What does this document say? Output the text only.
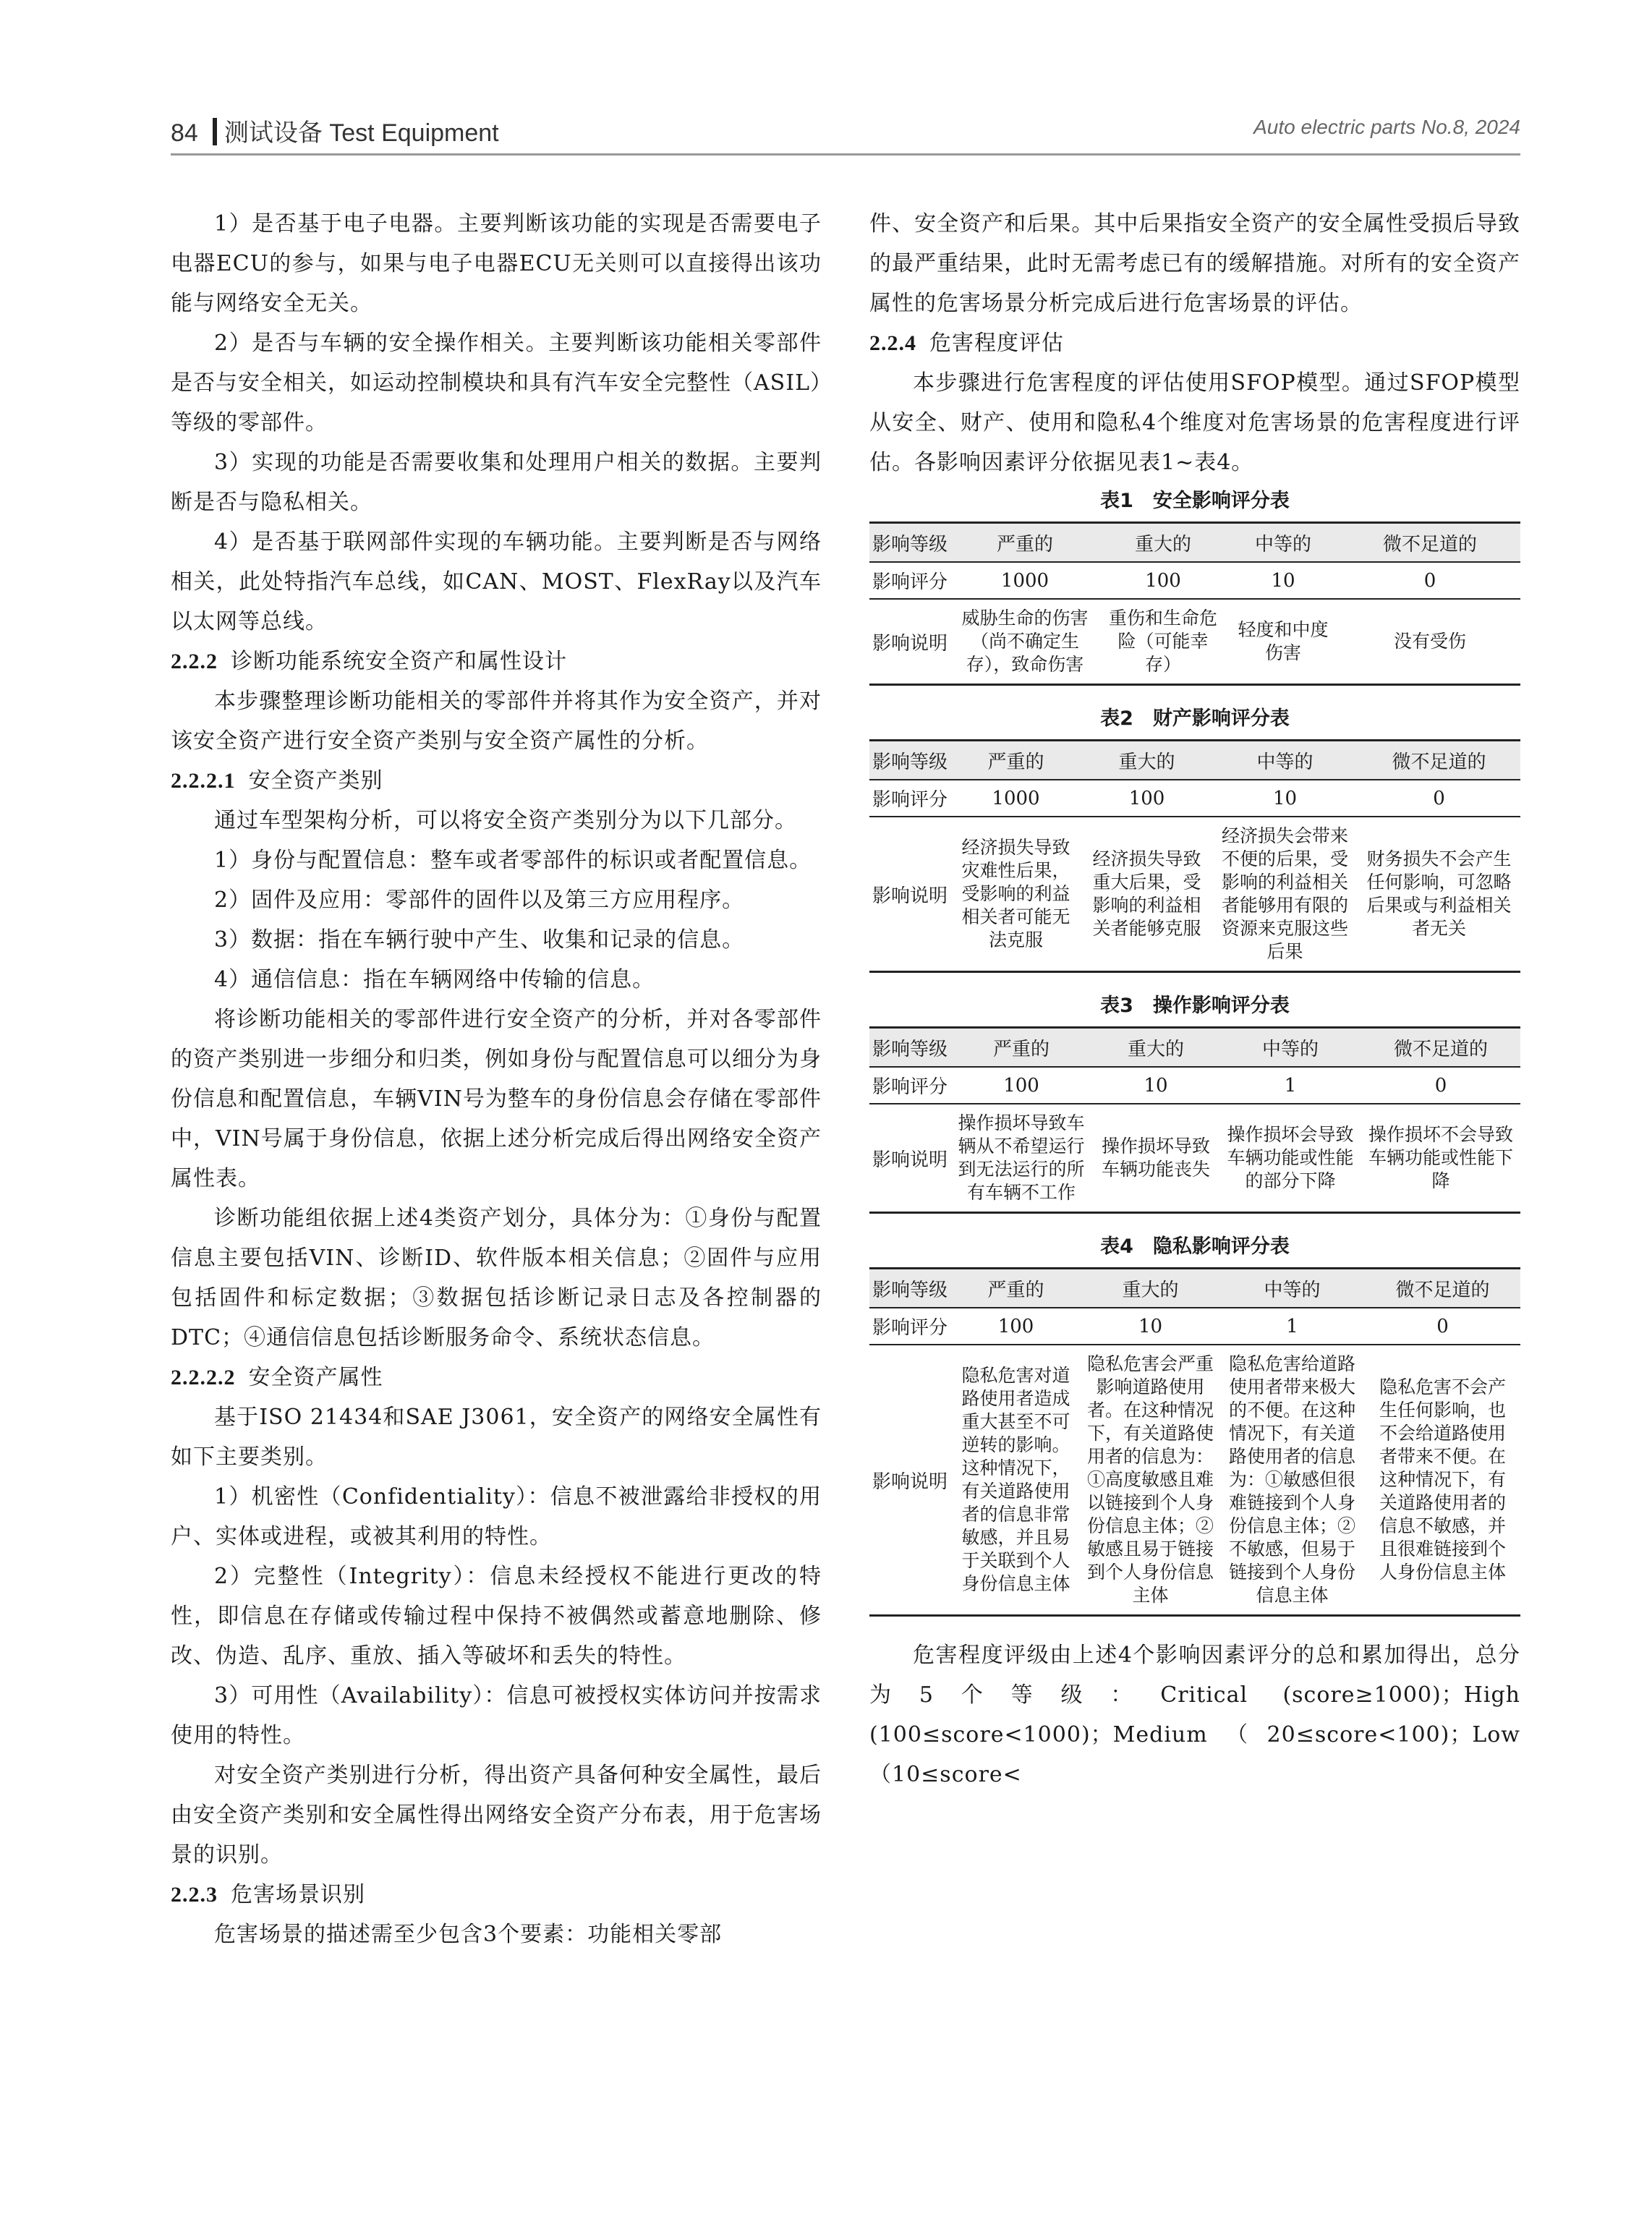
84 测试设备 Test Equipment	Auto electric parts No.8, 2024

1）是否基于电子电器。主要判断该功能的实现是否需要电子电器ECU的参与，如果与电子电器ECU无关则可以直接得出该功能与网络安全无关。

2）是否与车辆的安全操作相关。主要判断该功能相关零部件是否与安全相关，如运动控制模块和具有汽车安全完整性（ASIL）等级的零部件。

3）实现的功能是否需要收集和处理用户相关的数据。主要判断是否与隐私相关。

4）是否基于联网部件实现的车辆功能。主要判断是否与网络相关，此处特指汽车总线，如CAN、MOST、FlexRay以及汽车以太网等总线。

2.2.2 诊断功能系统安全资产和属性设计

本步骤整理诊断功能相关的零部件并将其作为安全资产，并对该安全资产进行安全资产类别与安全资产属性的分析。

2.2.2.1 安全资产类别

通过车型架构分析，可以将安全资产类别分为以下几部分。

1）身份与配置信息：整车或者零部件的标识或者配置信息。

2）固件及应用：零部件的固件以及第三方应用程序。

3）数据：指在车辆行驶中产生、收集和记录的信息。

4）通信信息：指在车辆网络中传输的信息。

将诊断功能相关的零部件进行安全资产的分析，并对各零部件的资产类别进一步细分和归类，例如身份与配置信息可以细分为身份信息和配置信息，车辆VIN号为整车的身份信息会存储在零部件中，VIN号属于身份信息，依据上述分析完成后得出网络安全资产属性表。

诊断功能组依据上述4类资产划分，具体分为：①身份与配置信息主要包括VIN、诊断ID、软件版本相关信息；②固件与应用包括固件和标定数据；③数据包括诊断记录日志及各控制器的DTC；④通信信息包括诊断服务命令、系统状态信息。

2.2.2.2 安全资产属性

基于ISO 21434和SAE J3061，安全资产的网络安全属性有如下主要类别。

1）机密性（Confidentiality）：信息不被泄露给非授权的用户、实体或进程，或被其利用的特性。

2）完整性（Integrity）：信息未经授权不能进行更改的特性，即信息在存储或传输过程中保持不被偶然或蓄意地删除、修改、伪造、乱序、重放、插入等破坏和丢失的特性。

3）可用性（Availability）：信息可被授权实体访问并按需求使用的特性。

对安全资产类别进行分析，得出资产具备何种安全属性，最后由安全资产类别和安全属性得出网络安全资产分布表，用于危害场景的识别。

2.2.3 危害场景识别

危害场景的描述需至少包含3个要素：功能相关零部

件、安全资产和后果。其中后果指安全资产的安全属性受损后导致的最严重结果，此时无需考虑已有的缓解措施。对所有的安全资产属性的危害场景分析完成后进行危害场景的评估。

2.2.4 危害程度评估

本步骤进行危害程度的评估使用SFOP模型。通过SFOP模型从安全、财产、使用和隐私4个维度对危害场景的危害程度进行评估。各影响因素评分依据见表1~表4。

表1　安全影响评分表
影响等级	严重的	重大的	中等的	微不足道的
影响评分	1000	100	10	0
影响说明	威胁生命的伤害（尚不确定生存），致命伤害	重伤和生命危险（可能幸存）	轻度和中度伤害	没有受伤
表2　财产影响评分表
影响等级	严重的	重大的	中等的	微不足道的
影响评分	1000	100	10	0
影响说明	经济损失导致灾难性后果，受影响的利益相关者可能无法克服	经济损失导致重大后果，受影响的利益相关者能够克服	经济损失会带来不便的后果，受影响的利益相关者能够用有限的资源来克服这些后果	财务损失不会产生任何影响，可忽略后果或与利益相关者无关
表3　操作影响评分表
影响等级	严重的	重大的	中等的	微不足道的
影响评分	100	10	1	0
影响说明	操作损坏导致车辆从不希望运行到无法运行的所有车辆不工作	操作损坏导致车辆功能丧失	操作损坏会导致车辆功能或性能的部分下降	操作损坏不会导致车辆功能或性能下降
表4　隐私影响评分表
影响等级	严重的	重大的	中等的	微不足道的
影响评分	100	10	1	0
影响说明	隐私危害对道路使用者造成重大甚至不可逆转的影响。这种情况下，有关道路使用者的信息非常敏感，并且易于关联到个人身份信息主体	隐私危害会严重影响道路使用者。在这种情况下，有关道路使用者的信息为：①高度敏感且难以链接到个人身份信息主体；②敏感且易于链接到个人身份信息主体	隐私危害给道路使用者带来极大的不便。在这种情况下，有关道路使用者的信息为：①敏感但很难链接到个人身份信息主体；②不敏感，但易于链接到个人身份信息主体	隐私危害不会产生任何影响，也不会给道路使用者带来不便。在这种情况下，有关道路使用者的信息不敏感，并且很难链接到个人身份信息主体

危害程度评级由上述4个影响因素评分的总和累加得出，总分为5个等级：Critical (score≥1000)；High (100≤score<1000)；Medium（20≤score<100)；Low（10≤score<
